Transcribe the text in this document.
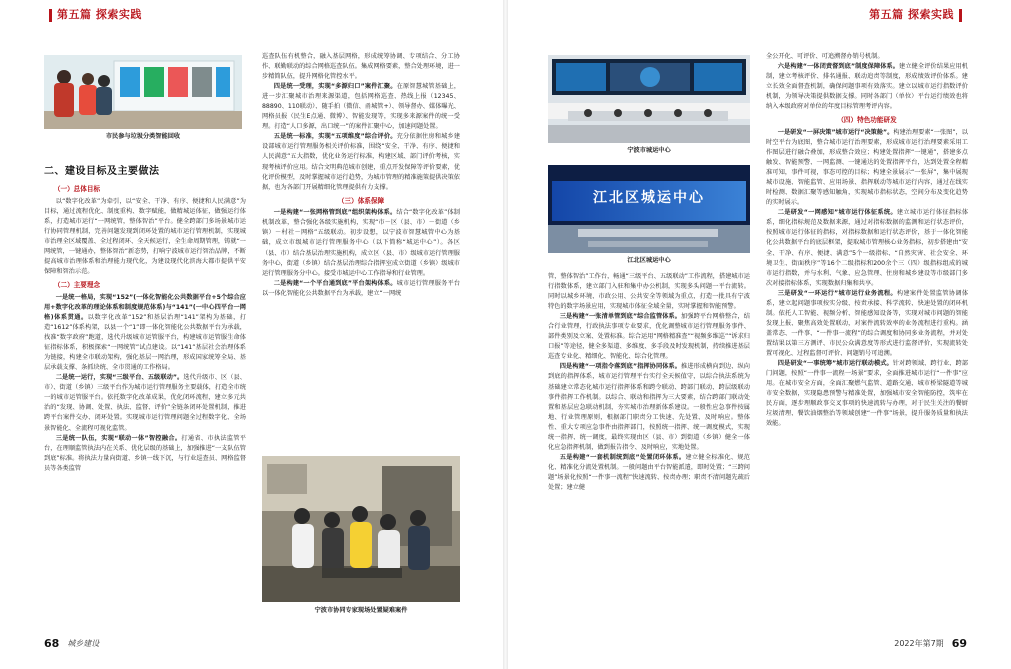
第五篇 探索实践
市民参与垃圾分类智能回收
二、建设目标及主要做法
（一）总体目标

以“数字化改革”为牵引，以“安全、干净、有序、便捷和人民满意”为目标，通过流程优化、制度重构、数字赋能，做精城运体征，做强运行体系，打造城市运行“一网统管，整体智治”平台。健全跨部门多场景城市运行协同管理机制，完善问题发现到闭环处置的城市运行管理机制，实现城市治理全区域覆盖、全过程闭环、全天候运行，全生命周期管理，铸就“一网统管，一键通办，整体智治”新态势，打响宁波城市运行智治品牌，不断提高城市治理体系和治理能力现代化，为建设现代化滨海大都市提供平安保障和智治示范。

（二）主要理念

一是统一格局，实现“152”(一体化智能化公共数据平台+5个综合应用+数字化改革的理论体系和制度规范体系)与“141”(一中心四平台一网格)体系贯通。以数字化改革“152”和基层治理“141”架构为基础，打造“1612”体系构架，以县一个“1”即一体化智能化公共数据平台为承载，找准“数字政府”跑道，选代升级城市运管服平台，构建城市运管服生命体征指标体系，积极探索“一网统管”试点建设。以“141”基层社会治理体系为链接，构建全市联动架构，强化基层一网治理，形成国家统筹全局、基层承载支撑、条抓块统、全市贯通的工作格局。

二是统一运行，实现“三级平台、五级联动”。选代升级市、区（县、市）、街道（乡镇）三级平台作为城市运行管理服务主要载体，打造全市统一的城市运管服平台。依托数字化改革成果，优化闭环流程，建立多元共治的“发现、协调、处置、执法、监督、评价”全链条闭环处置机制，推进跨平台案件交办、闭环处置。实现城市运行管理问题全过程数字化、全场景智能化、全流程可视化监管。

三是统一队伍，实现“联动一体”智控融合。打通省、市执法监管平台，在理顺监管执法内在关系、优化层级的基础上，加强推进“一支队伍管到底”标准。将执法力量向街道、乡镇一线下沉，与行业巡查员、网格监督员等各类监管

巡查队伍有机整合，融入基层网格，形成统筹协调、专项结合、分工协作、联勤联动的综合网格巡查队伍。集成网格要素，整合处理环境，进一步精简队伍，提升网格化管控水平。

四是统一受理，实现“多源归口”案件汇聚。在原智慧城管基础上，进一步汇聚城市治理来源渠道，包括网格巡查、热线上报（12345、88890、110联动）、随手拍（微信、甬城管+）、领导督办、媒体曝光、网格员报（民生E点通、微博）、智能发现等，实现多来源案件的统一受理。打造“人口多源，出口统一”的案件汇聚中心，加速问题处置。

五是统一标准，实现“五项维度”综合评价。充分依据住房和城乡建设部城市运行管理服务相关评价标准，围绕“安全、干净、有序、便捷和人民满意”五大指数，优化业务运行标准，构建区域、部门评价考核，实现考核评价应用。结合文明典范城市创建，重点开发保障等评价要素，优化评价模型，及时掌握城市运行趋势，为城市管理的精准施策提供决策依据，也为各部门开展精细化管理提供有力支撑。

（三）体系保障

一是构建“一张网格管到底”组织架构体系。结合“数字化改革”体制机制改革，整合强化各级实施机构，实现“市－区（县、市）－街道（乡镇）－村社－网格”五级联动。初步设想，以宁波市智慧城管中心为基础，成立市级城市运行管理服务中心（以下简称“城运中心”）。各区（县、市）结合基层治理实施机构，成立区（县、市）级城市运行管理服务中心，街道（乡镇）结合基层治理综合指挥室成立街道（乡镇）级城市运行管理服务分中心。接受市城运中心工作指导和行业管理。

二是构建“一个平台通到底”平台架构体系。城市运行管理服务平台以一体化智能化公共数据平台为承载，建立“一网统

宁波市协同专家现场处置疑难案件
68 城乡建设
第五篇 探索实践
宁波市城运中心
江北区城运中心
江北区城运中心

管，整体智治”工作台，畅通“三级平台、五级联动”工作流程，搭建城市运行指数体系，建立部门入驻和集中办公机制，实现多头问题一平台流转。同时以城乡环境、市政公用、公共安全等领域为重点，打造一批具有宁波特色的数字场景应用，实现城市体征全域全量，实时掌握和智能预警。

三是构建“一张清单管到底”综合监管体系。加强跨平台网格整合，结合行业管理，行政执法事项专业要求，优化调整城市运行管理服务事件、部件类别及立案、处置标准。综合运用“网格精准查”“视频多维巡”“诉求归口报”等途径，健全多渠道、多维度、多手段及时发现机制，持续推进基层巡查专业化、精细化、智能化、综合化管理。

四是构建“一项指令落到底”指挥协同体系。推进形成横向到边、纵向到底的指挥体系，城市运行管理平台实行全天候值守，以综合执法系统为基础建立常态化城市运行指挥体系和跨令联动、跨部门联动、跨层级联动事件指挥工作机制。以综合、联动和指挥为三大要素，结合跨部门联动处置和基层应急联动机制，夯实城市治理新体系建设。一般性应急事件按属地、行业管理原则，根据部门职责分工快速、先处置、及时响应。整体性、重大专项应急事件由指挥部门，按照统一指挥、统一调度模式，实现统一指挥、统一调度，最终实现由区（县、市）到街道（乡镇）健全一体化应急指挥机制，做到报告指令、及时响应，实地处置。

五是构建“一套机制统到底”处置闭环体系。建立健全标准化、规范化、精准化分流处置机制。一般问题由平台智能派遣，即时处置；“三跨问题”场景化按照“一件事一流程”快速流转、按责办理；职责不清问题先疏后处置；建立健

全公开化、可评价、可追溯督办销号机制。

六是构建“一体闭责督到底”制度保障体系。建立健全评价结果应用机制，建立考核评价、排名通报、联动追责等制度，形成绩效评价体系。建立长效全面督查机制，确保问题事项有效落实。建立以城市运行指数评价机制，为领导决策提供数据支撑。同时各部门（单位）平台运行绩效也将纳入本级政府对单位的年度目标管理考评内容。

（四）特色功能研发

一是研发“一屏决策”城市运行“决策舱”。构建治理要素“一张图”，以时空平台为底图，整合城市运行治理要素，形成城市运行治理要素采用工作图层进行融合叠加，形成整合效应；构建处置指挥“一键通”，搭建多点触发、智能预警、一网监测、一键通达的处置指挥平台，达到处置全程精准可知，事件可视，事态可控的目标；构建全景展示“一张屏”，集中展现城市设施、智能监管、应用场景、指挥联动等城市运行内容，通过在线实时检测、数据汇聚等感知触角，实现城市指标状态，空间分布及变化趋势的实时展示。

二是研发“一网感知”城市运行体征系统。建立城市运行体征指标体系，细化指标规范及数据来源，通过对指标数据的监测和运行状态评价，按照城市运行体征的指标，对指标数据和运行状态评价，基于一体化智能化公共数据平台的底层框架，提取城市管理核心业务指标，初步搭建由“安全、干净、有序、便捷、满意”5个一级指标、“自然灾害、社会安全、环境卫生、街面秩序”等16个二级指标和200余个三（四）级指标组成的城市运行指数，并与水利、气象、应急管理、住房和城乡建设等市级部门多次对接指标体系，实现数据归集和共享。

三是研发“一环运行”城市运行业务流程。构建案件处置监管协调体系，建立起问题事项按实分级、按责承接、科学流转、快速处置的闭环机制。依托人工智能、视频分析、智能感知设备等，实现对城市问题的智能发现上报、聚焦高效处置联动，对案件流转效率的业务流程进行重构。涵盖常态、一件事、“一件事一流程”的综合调度和协同多业务流程，并对处置结果以第三方测评、市民公众满意度等形式进行监督评价，实现流转处置可视化、过程监督可评价、问题销号可追溯。

四是研发“一事统筹”城市运行联动模式。针对跨领域、跨行业、跨部门问题，按照“一件事一流程一场景”要求，全面推进城市运行“一件事”应用。在城市安全方面，全面汇聚燃气监管、道路交通、城市桥梁隧道等城市安全数据，实现隐患预警与精准处置，加强城市安全智能防控，筑牢在民方面，逐步理顺政事交叉事项的快速流转与办理，对于民生关注的餐厨垃圾清理、餐饮油烟整治等领域创建“一件事”场景，提升服务质量和执法效能。

2022年第7期 69
